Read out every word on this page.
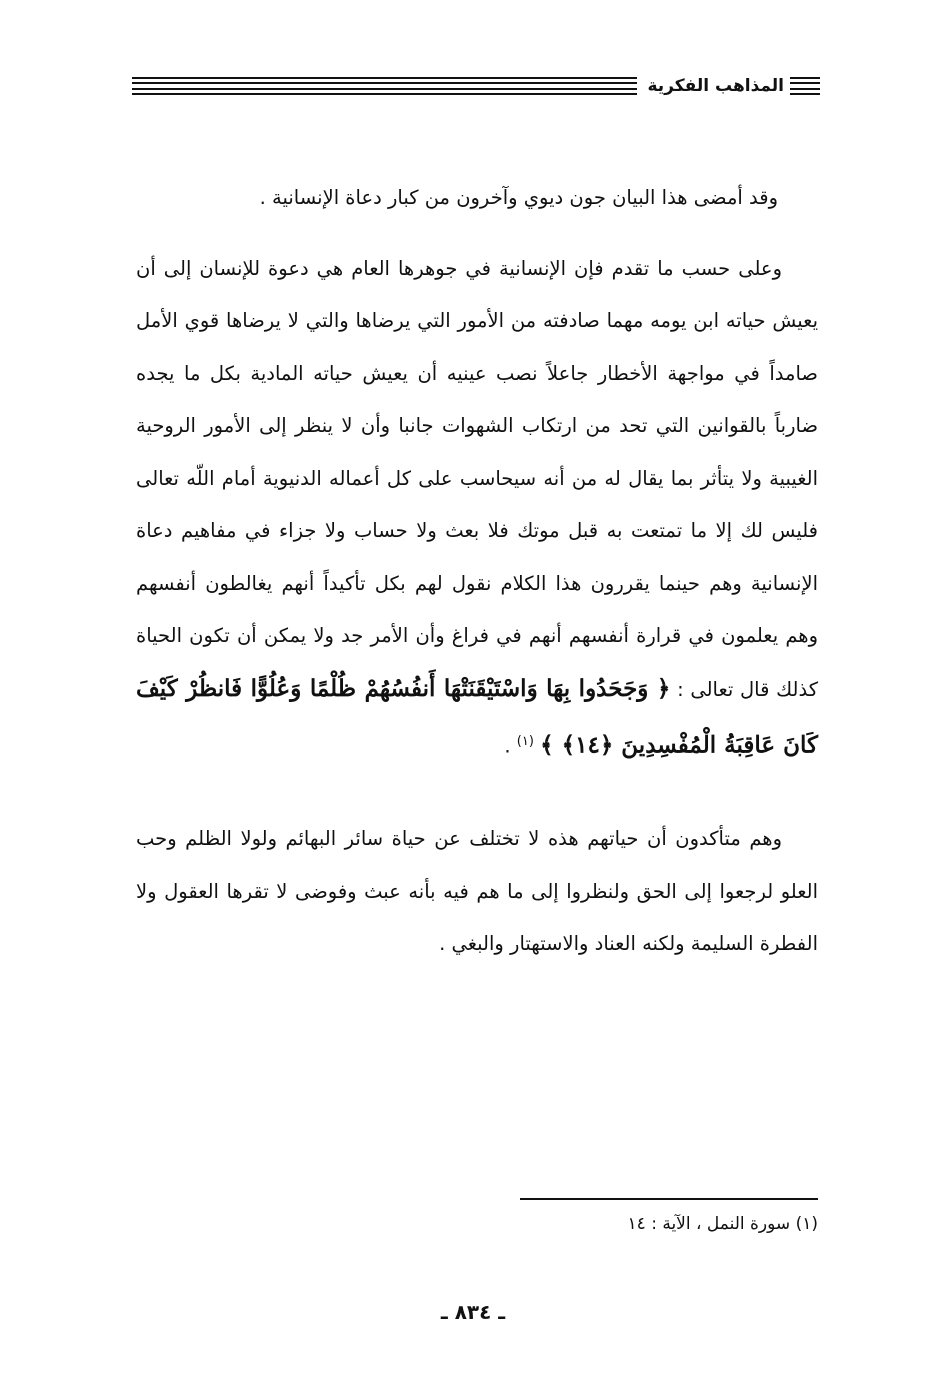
المذاهب الفكرية

وقد أمضى هذا البيان جون ديوي وآخرون من كبار دعاة الإنسانية .

وعلى حسب ما تقدم فإن الإنسانية في جوهرها العام هي دعوة للإنسان إلى أن يعيش حياته ابن يومه مهما صادفته من الأمور التي يرضاها والتي لا يرضاها قوي الأمل صامداً في مواجهة الأخطار جاعلاً نصب عينيه أن يعيش حياته المادية بكل ما يجده ضارباً بالقوانين التي تحد من ارتكاب الشهوات جانبا وأن لا ينظر إلى الأمور الروحية الغيبية ولا يتأثر بما يقال له من أنه سيحاسب على كل أعماله الدنيوية أمام اللّه تعالى فليس لك إلا ما تمتعت به قبل موتك فلا بعث ولا حساب ولا جزاء في مفاهيم دعاة الإنسانية وهم حينما يقررون هذا الكلام نقول لهم بكل تأكيداً أنهم يغالطون أنفسهم وهم يعلمون في قرارة أنفسهم أنهم في فراغ وأن الأمر جد ولا يمكن أن تكون الحياة كذلك قال تعالى : ﴿ وَجَحَدُوا بِهَا وَاسْتَيْقَنَتْهَا أَنفُسُهُمْ ظُلْمًا وَعُلُوًّا فَانظُرْ كَيْفَ كَانَ عَاقِبَةُ الْمُفْسِدِينَ ﴿١٤﴾ ﴾ $^{(١)}$ .

وهم متأكدون أن حياتهم هذه لا تختلف عن حياة سائر البهائم ولولا الظلم وحب العلو لرجعوا إلى الحق ولنظروا إلى ما هم فيه بأنه عبث وفوضى لا تقرها العقول ولا الفطرة السليمة ولكنه العناد والاستهتار والبغي .

(١) سورة النمل ، الآية : ١٤
ـ ٨٣٤ ـ
